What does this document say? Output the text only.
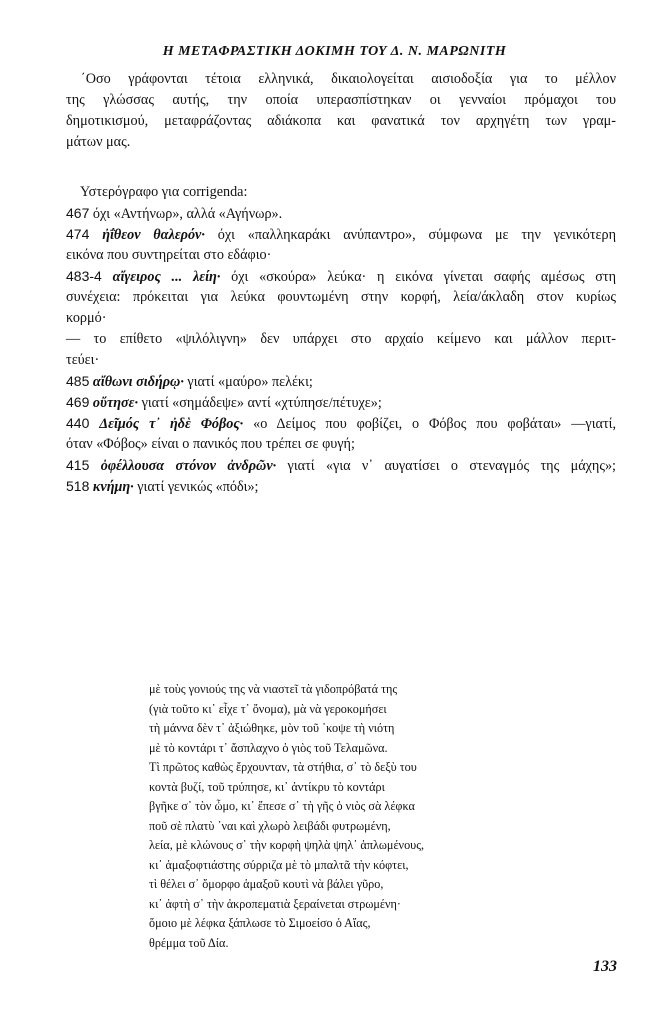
Η ΜΕΤΑΦΡΑΣΤΙΚΗ ΔΟΚΙΜΗ ΤΟΥ Δ. Ν. ΜΑΡΩΝΙΤΗ
΄Οσο γράφονται τέτοια ελληνικά, δικαιολογείται αισιοδοξία για το μέλλον
της γλώσσας αυτής, την οποία υπερασπίστηκαν οι γενναίοι πρόμαχοι του
δημοτικισμού, μεταφράζοντας αδιάκοπα και φανατικά τον αρχηγέτη των γραμ-
μάτων μας.
Υστερόγραφο για corrigenda:
467 όχι «Αντήνωρ», αλλά «Αγήνωρ».
474 ἠΐθεον θαλερόν· όχι «παλληκαράκι ανύπαντρο», σύμφωνα με την γενικότερη
εικόνα που συντηρείται στο εδάφιο·
483-4 αἴγειρος ... λείη· όχι «σκούρα» λεύκα· η εικόνα γίνεται σαφής αμέσως στη
συνέχεια: πρόκειται για λεύκα φουντωμένη στην κορφή, λεία/άκλαδη στον κυρίως
κορμό·
— το επίθετο «ψιλόλιγνη» δεν υπάρχει στο αρχαίο κείμενο και μάλλον περιτ-
τεύει·
485 αἴθωνι σιδήρῳ· γιατί «μαύρο» πελέκι;
469 οὔτησε· γιατί «σημάδεψε» αντί «χτύπησε/πέτυχε»;
440 Δεῖμός τ᾽ ἠδὲ Φόβος· «ο Δείμος που φοβίζει, ο Φόβος που φοβάται» —γιατί,
όταν «Φόβος» είναι ο πανικός που τρέπει σε φυγή;
415 ὀφέλλουσα στόνον ἀνδρῶν· γιατί «για ν᾽ αυγατίσει ο στεναγμός της μάχης»;
518 κνήμη· γιατί γενικώς «πόδι»;
μὲ τοὺς γονιούς της νὰ νιαστεῖ τὰ γιδοπρόβατά της
(γιὰ τοῦτο κι᾽ εἶχε τ᾽ ὄνομα), μὰ νὰ γεροκομήσει
τὴ μάννα δὲν τ᾽ ἀξιώθηκε, μὸν τοῦ ᾽κοψε τὴ νιότη
μὲ τὸ κοντάρι τ᾽ ἄσπλαχνο ὁ γιὸς τοῦ Τελαμῶνα.
Τὶ πρῶτος καθὼς ἔρχουνταν, τὰ στήθια, σ᾽ τὸ δεξὺ του
κοντὰ βυζί, τοῦ τρύπησε, κι᾽ ἀντίκρυ τὸ κοντάρι
βγῆκε σ᾽ τὸν ὦμο, κι᾽ ἔπεσε σ᾽ τὴ γῆς ὁ νιὸς σὰ λέφκα
ποῦ σὲ πλατὺ ᾽ναι καὶ χλωρὸ λειβάδι φυτρωμένη,
λεία, μὲ κλώνους σ᾽ τὴν κορφὴ ψηλὰ ψηλ᾽ ἁπλωμένους,
κι᾽ ἁμαξοφτιάστης σύρριζα μὲ τὸ μπαλτᾶ τὴν κόφτει,
τὶ θέλει σ᾽ ὄμορφο ἁμαξοῦ κουτὶ νὰ βάλει γῦρο,
κι᾽ ἀφτὴ σ᾽ τὴν ἀκροπεματιὰ ξεραίνεται στρωμένη·
ὅμοιο μὲ λέφκα ξάπλωσε τὸ Σιμοείσο ὁ Αἴας,
θρέμμα τοῦ Δία.
133
